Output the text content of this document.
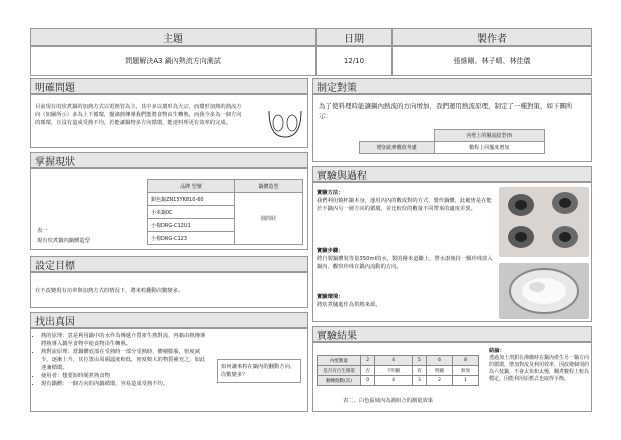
主題	日期	製作者
問題解決A3 鍋內熱流方向測試	12/10	張維剛、林子晴、林佳儀
明確問題
目前現有的炊煮鍋的加熱方式以電熱管為主，其中多以環形為大宗，而環形加熱的熱流方向（如圖所示）多為上下循環，盪滴熱傳導我們能將食物由生轉熟，而我今多為一個方向的循環，且沒有造成受熱不均，若能讓鍋物多方向循環，能達料理更有效率的完成。
掌握現狀
表一
現有炊煮鍋內鍋體造型
品牌 型號	鍋體造型
銀色鍋ZN15YK810-60	圓筒狀
小米鍋0C	
小棉DRG-C12U1	
小棉DRG-C123	
設定目標
在不改變現有功率與加熱方式的情況下，將米粒翻動次數變多。
找出真因
• 熱的原理：意是利用鍋中的水作為傳遞介質產生熱對流，再藉由熱傳導將熱導入鍋至食物中使食物由生轉熟。
• 熱對流原理：當鍋體底部在受熱時一部分受熱時，體積膨脹，密度減少，逐漸上升，其位置由周圍溫度較低，密度較大的物質補充之，如此達兼循環。
• 使用者：想要短時間煮熟食物
• 現有鍋體：一個方向的內鍋循環，容易造成受熱不均。
如何讓米粒在鍋內的翻動方向、次數變多？
制定對策
為了使料理時能讓鍋內熱流的方向增加，我們運用熱流原理，制定了一種對策，如下圖所示：
	內壁上的擾流紋型(f)
增加此參數值考慮	數程上回擺度增加
實驗與過程
實驗方法：
我們利用燒杯鍋本身，運用內內的數成對的方式，製作鍋體，此範皆是在能於不鍋內另一層方向的循環，並比較炊的數量不同帶來的適度差異。
實驗步驟：
將自製鍋體裝等量350ml的水，製的撥米道繼上，帶水滾後持一顆珍珠放入鍋內，觀察珍珠在鍋內流動的方向。
實驗環境：
將炊煮爐進作為供熱來源。
實驗結果
內壁數量	2	4	5	6	8
是否有自生循環	否	不明顯	有	明顯	無效
翻轉個數(次)	0	4	3	2	1
表二、白色區域內為測組合的測量效果
結論：
透過加上剖鉗在沸騰時在鍋內產生另一鍋方向的循環，增加對流及利用效率，因改變個別的為六枝鍋，不會太快和太慢，翻煮數程上較為穩定，因能利用原舊式也取得平衡。
